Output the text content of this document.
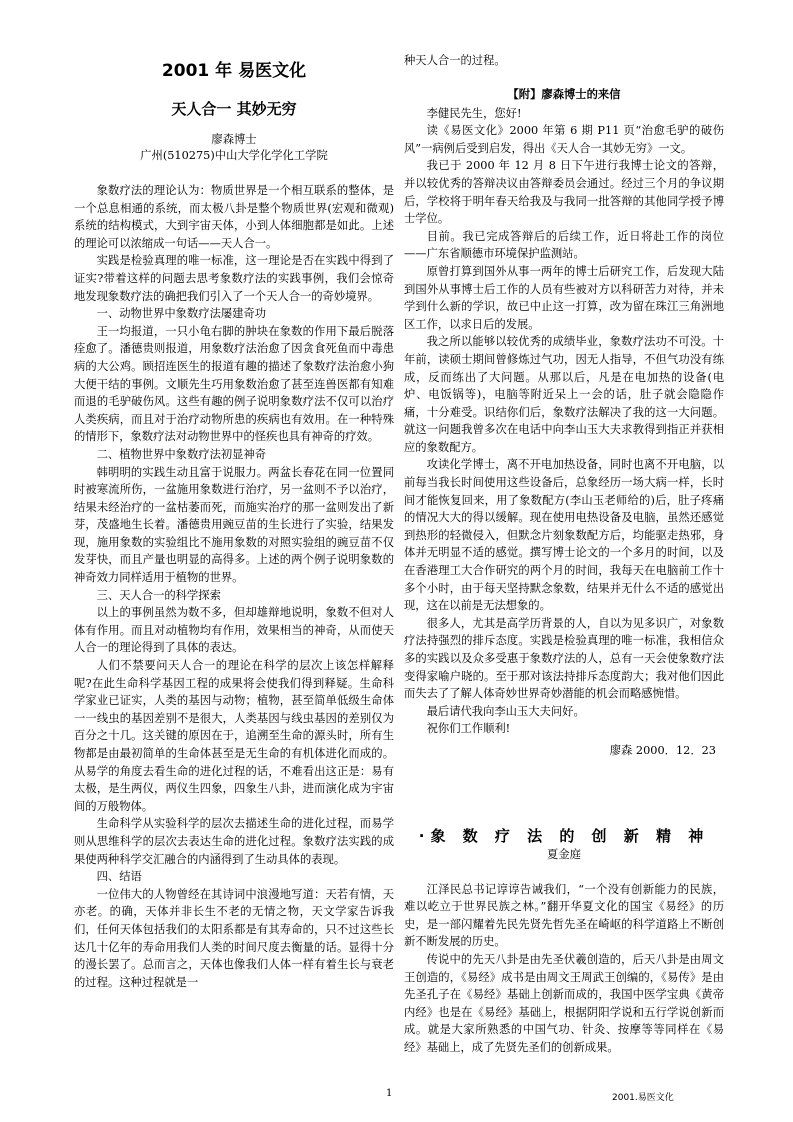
2001 年 易医文化
天人合一 其妙无穷
廖森博士
广州(510275)中山大学化学化工学院

象数疗法的理论认为：物质世界是一个相互联系的整体，是一个总息相通的系统，而太极八卦是整个物质世界(宏观和微观)系统的结构模式，大到宇宙天体，小到人体细胞都是如此。上述的理论可以浓缩成一句话——天人合一。

实践是检验真理的唯一标准，这一理论是否在实践中得到了证实?带着这样的问题去思考象数疗法的实践事例，我们会惊奇地发现象数疗法的确把我们引入了一个天人合一的奇妙境界。

一、动物世界中象数疗法屡建奇功

王一均报道，一只小龟右脚的肿块在象数的作用下最后脱落痊愈了。潘德贵则报道，用象数疗法治愈了因贪食死鱼而中毒患病的大公鸡。顾招连医生的报道有趣的描述了象数疗法治愈小狗大便干结的事例。文顺先生巧用象数治愈了甚至连兽医都有知难而退的毛驴破伤风。这些有趣的例子说明象数疗法不仅可以治疗人类疾病，而且对于治疗动物所患的疾病也有效用。在一种特殊的情形下，象数疗法对动物世界中的怪疾也具有神奇的疗效。

二、植物世界中象数疗法初显神奇

韩明明的实践生动且富于说服力。两盆长春花在同一位置同时被寒流所伤，一盆施用象数进行治疗，另一盆则不予以治疗，结果未经治疗的一盆枯萎而死，而施实治疗的那一盆则发出了新芽，茂盛地生长着。潘德贵用豌豆苗的生长进行了实验，结果发现，施用象数的实验组比不施用象数的对照实验组的豌豆苗不仅发芽快，而且产量也明显的高得多。上述的两个例子说明象数的神奇效力同样适用于植物的世界。

三、天人合一的科学探索

以上的事例虽然为数不多，但却雄辩地说明，象数不但对人体有作用。而且对动植物均有作用，效果相当的神奇，从而使天人合一的理论得到了具体的表达。

人们不禁要问天人合一的理论在科学的层次上该怎样解释呢?在此生命科学基因工程的成果将会使我们得到释疑。生命科学家业已证实，人类的基因与动物；植物，甚至简单低级生命体一一线虫的基因差别不是很大，人类基因与线虫基因的差别仅为百分之十几。这关键的原因在于，追溯至生命的源头时，所有生物都是由最初简单的生命体甚至是无生命的有机体进化而成的。从易学的角度去看生命的进化过程的话，不难看出这正是：易有太极，是生两仪，两仪生四象，四象生八卦，进而演化成为宇宙间的万般物体。

生命科学从实验科学的层次去描述生命的进化过程，而易学则从思维科学的层次去表达生命的进化过程。象数疗法实践的成果使两种科学交汇融合的内涵得到了生动具体的表现。

四、结语

一位伟大的人物曾经在其诗词中浪漫地写道：天若有情，天亦老。的确，天体并非长生不老的无情之物，天文学家告诉我们，任何天体包括我们的太阳系都是有其寿命的，只不过这些长达几十亿年的寿命用我们人类的时间尺度去衡量的话。显得十分的漫长罢了。总而言之，天体也像我们人体一样有着生长与衰老的过程。这种过程就是一

种天人合一的过程。

【附】廖森博士的来信

李健民先生，您好!

读《易医文化》2000 年第 6 期 P11 页“治愈毛驴的破伤风”一病例后受到启发，得出《天人合一其妙无穷》一文。

我已于 2000 年 12 月 8 日下午进行我博士论文的答辩，并以较优秀的答辩决议由答辩委员会通过。经过三个月的争议期后，学校将于明年春天给我及与我同一批答辩的其他同学授予博士学位。

目前。我已完成答辩后的后续工作，近日将赴工作的岗位——广东省顺德市环境保护监测站。

原曾打算到国外从事一两年的博士后研究工作，后发现大陆到国外从事博士后工作的人员有些被对方以科研苦力对待，并未学到什么新的学识，故已中止这一打算，改为留在珠江三角洲地区工作，以求日后的发展。

我之所以能够以较优秀的成绩毕业，象数疗法功不可没。十年前，读硕士期间曾修炼过气功，因无人指导，不但气功没有练成，反而练出了大问题。从那以后，凡是在电加热的设备(电炉、电饭锅等)，电脑等附近呆上一会的话，肚子就会隐隐作痛，十分难受。识结你们后，象数疗法解决了我的这一大问题。就这一问题我曾多次在电话中向李山玉大夫求教得到指正并获相应的象数配方。

攻读化学博士，离不开电加热设备，同时也离不开电脑，以前每当我长时间使用这些设备后，总象经历一场大病一样，长时间才能恢复回来，用了象数配方(李山玉老师给的)后，肚子疼痛的情况大大的得以缓解。现在使用电热设备及电脑，虽然还感觉到热形的轻微侵入，但默念片刻象数配方后，均能驱走热邪，身体并无明显不适的感觉。撰写博士论文的一个多月的时间，以及在香港理工大合作研究的两个月的时间，我每天在电脑前工作十多个小时，由于每天坚持默念象数，结果并无什么不适的感觉出现，这在以前是无法想象的。

很多人，尤其是高学历背景的人，自以为见多识广，对象数疗法持强烈的排斥态度。实践是检验真理的唯一标准，我相信众多的实践以及众多受惠于象数疗法的人，总有一天会使象数疗法变得家喻户晓的。至于那对该法持排斥态度韵大；我对他们因此而失去了了解人体奇妙世界奇妙潜能的机会而略感惋惜。

最后请代我向李山玉大夫问好。

祝你们工作顺利!

廖森 2000．12．23
·象 数 疗 法 的 创 新 精 神
夏金庭

江泽民总书记谆谆告诫我们，“一个没有创新能力的民族，难以屹立于世界民族之林。”翻开华夏文化的国宝《易经》的历史，是一部闪耀着先民先贤先哲先圣在崎岖的科学道路上不断创新不断发展的历史。

传说中的先天八卦是由先圣伏羲创造的，后天八卦是由周文王创造的，《易经》成书是由周文王周武王创编的，《易传》是由先圣孔子在《易经》基础上创新而成的，我国中医学宝典《黄帝内经》也是在《易经》基础上，根据阴阳学说和五行学说创新而成。就是大家所熟悉的中国气功、针灸、按摩等等同样在《易经》基础上，成了先贤先圣们的创新成果。

1	2001.易医文化
